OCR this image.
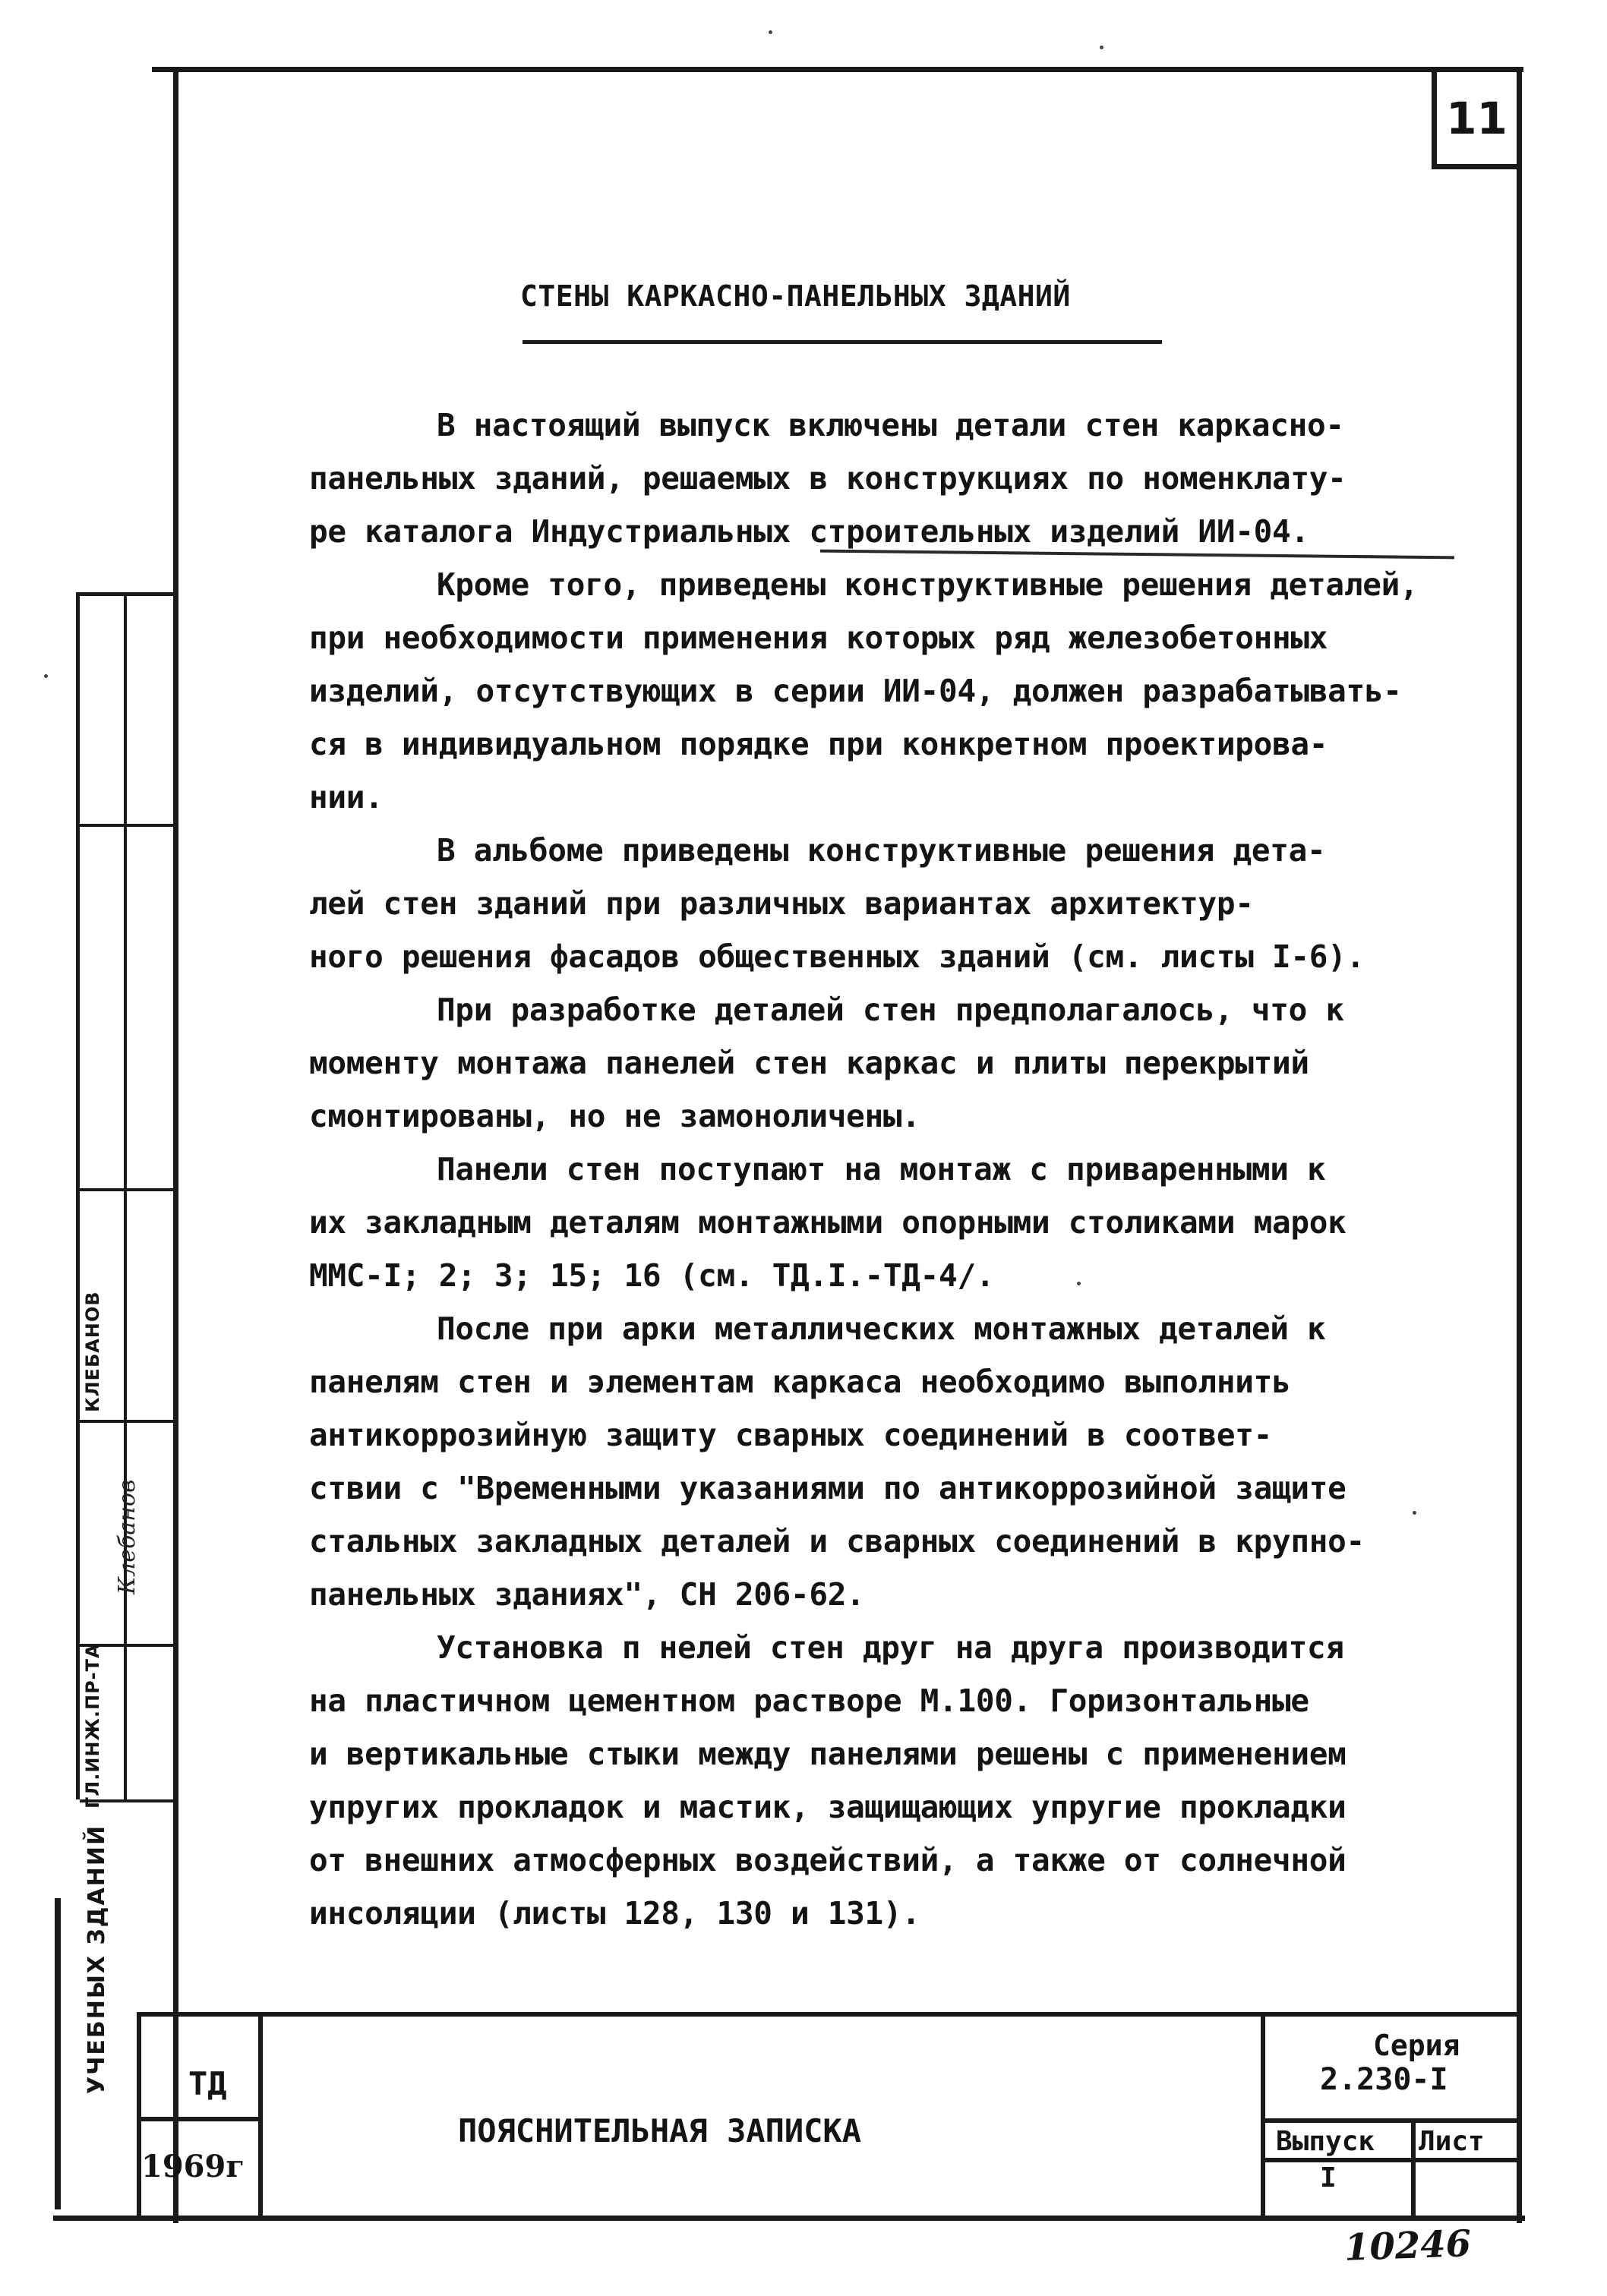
11
СТЕНЫ КАРКАСНО-ПАНЕЛЬНЫХ ЗДАНИЙ
В настоящий выпуск включены детали стен каркасно-
панельных зданий, решаемых в конструкциях по номенклату-
ре каталога Индустриальных строительных изделий ИИ-04.
Кроме того, приведены конструктивные решения деталей,
при необходимости применения которых ряд железобетонных
изделий, отсутствующих в серии ИИ-04, должен разрабатывать-
ся в индивидуальном порядке при конкретном проектирова-
нии.
В альбоме приведены конструктивные решения дета-
лей стен зданий при различных вариантах архитектур-
ного решения фасадов общественных зданий (см. листы I-6).
При разработке деталей стен предполагалось, что к
моменту монтажа панелей стен каркас и плиты перекрытий
смонтированы, но не замоноличены.
Панели стен поступают на монтаж с приваренными к
их закладным деталям монтажными опорными столиками марок
ММС-I; 2; 3; 15; 16 (см. ТД.I.-ТД-4/.
После при арки металлических монтажных деталей к
панелям стен и элементам каркаса необходимо выполнить
антикоррозийную защиту сварных соединений в соответ-
ствии с "Временными указаниями по антикоррозийной защите
стальных закладных деталей и сварных соединений в крупно-
панельных зданиях", СН 206-62.
Установка п нелей стен друг на друга производится
на пластичном цементном растворе М.100. Горизонтальные
и вертикальные стыки между панелями решены с применением
упругих прокладок и мастик, защищающих упругие прокладки
от внешних атмосферных воздействий, а также от солнечной
инсоляции (листы 128, 130 и 131).
ГЛ.ИНЖ.ПР-ТА
КЛЕБАНОВ
Клебанов
УЧЕБНЫХ ЗДАНИЙ ТД
1969г
ПОЯСНИТЕЛЬНАЯ ЗАПИСКА
Серия
2.230-I
Выпуск
I
Лист
10246
